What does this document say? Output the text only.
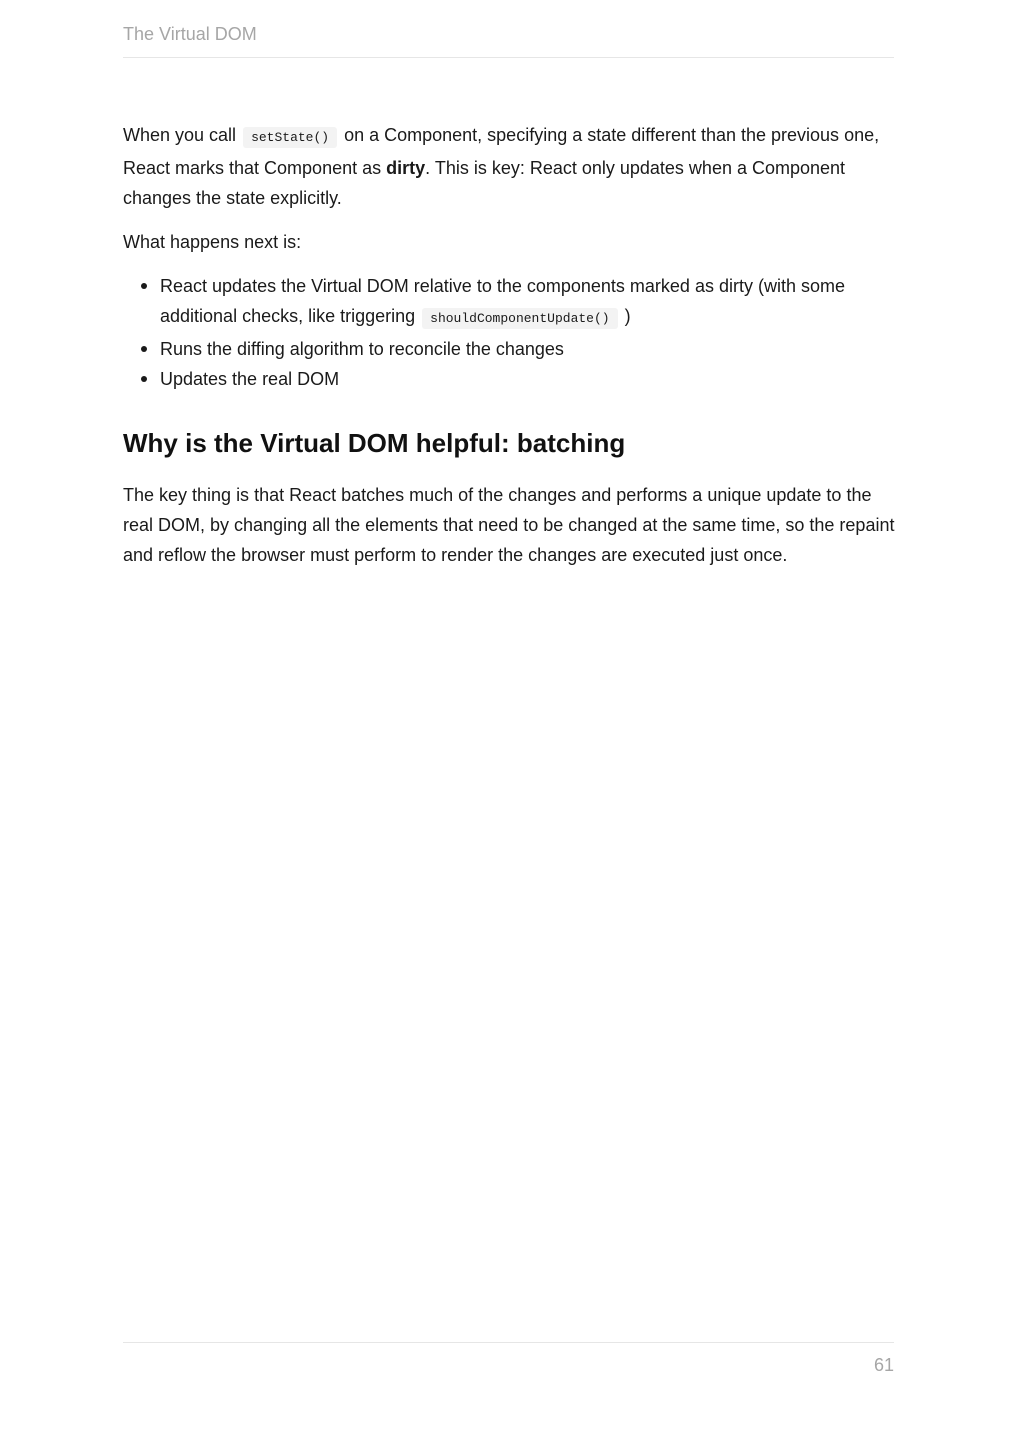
The Virtual DOM

When you call setState() on a Component, specifying a state different than the previous one, React marks that Component as dirty. This is key: React only updates when a Component changes the state explicitly.

What happens next is:

React updates the Virtual DOM relative to the components marked as dirty (with some additional checks, like triggering shouldComponentUpdate() )
Runs the diffing algorithm to reconcile the changes
Updates the real DOM
Why is the Virtual DOM helpful: batching

The key thing is that React batches much of the changes and performs a unique update to the real DOM, by changing all the elements that need to be changed at the same time, so the repaint and reflow the browser must perform to render the changes are executed just once.

61
